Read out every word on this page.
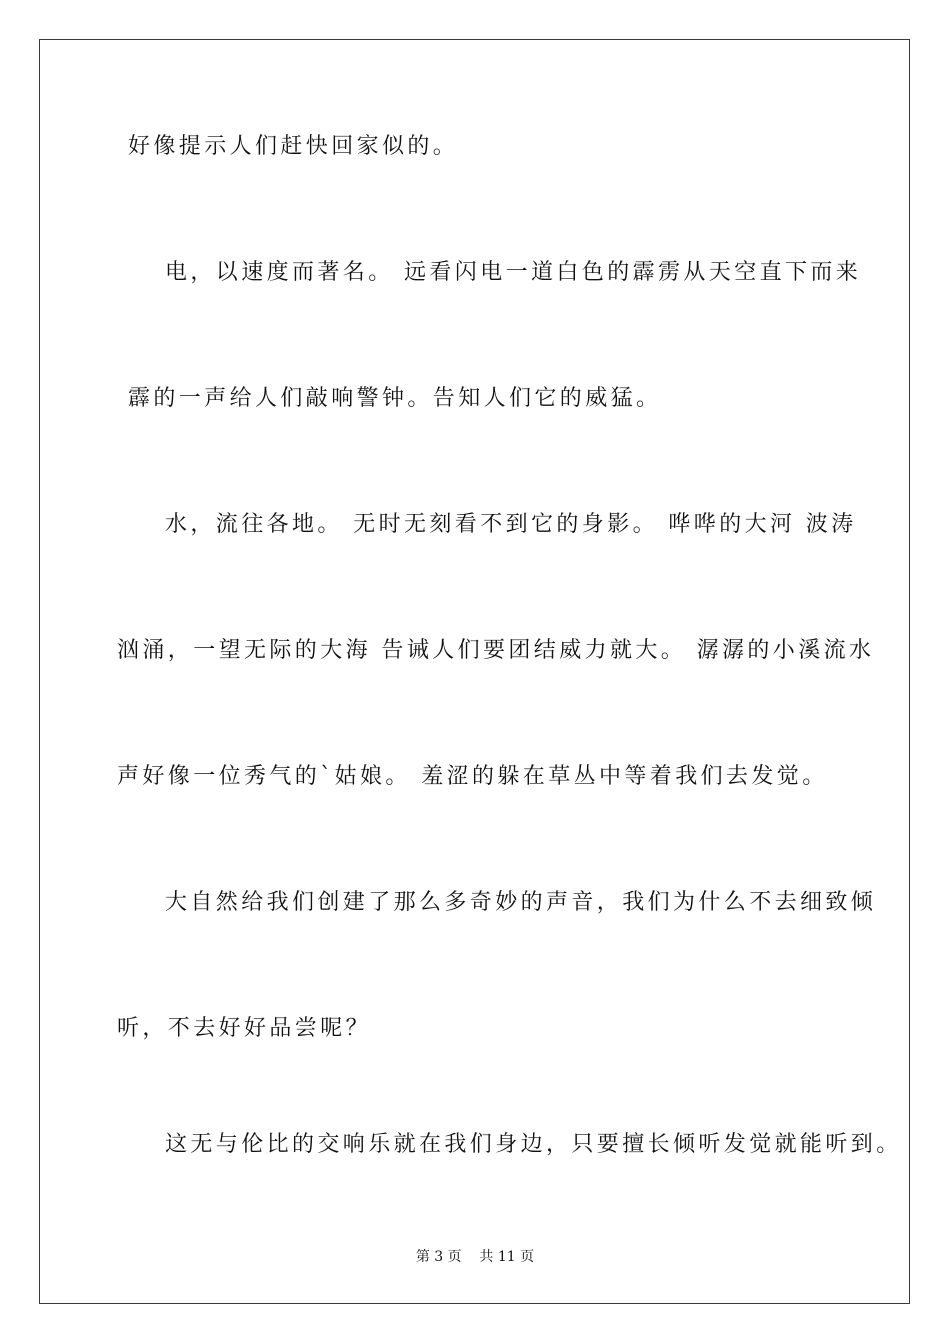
好像提示人们赶快回家似的。
电，以速度而著名。 远看闪电一道白色的霹雳从天空直下而来
霹的一声给人们敲响警钟。告知人们它的威猛。
水，流往各地。 无时无刻看不到它的身影。 哗哗的大河 波涛
汹涌，一望无际的大海 告诫人们要团结威力就大。 潺潺的小溪流水
声好像一位秀气的`姑娘。 羞涩的躲在草丛中等着我们去发觉。
大自然给我们创建了那么多奇妙的声音，我们为什么不去细致倾
听，不去好好品尝呢？
这无与伦比的交响乐就在我们身边，只要擅长倾听发觉就能听到。
第 3 页    共 11 页
